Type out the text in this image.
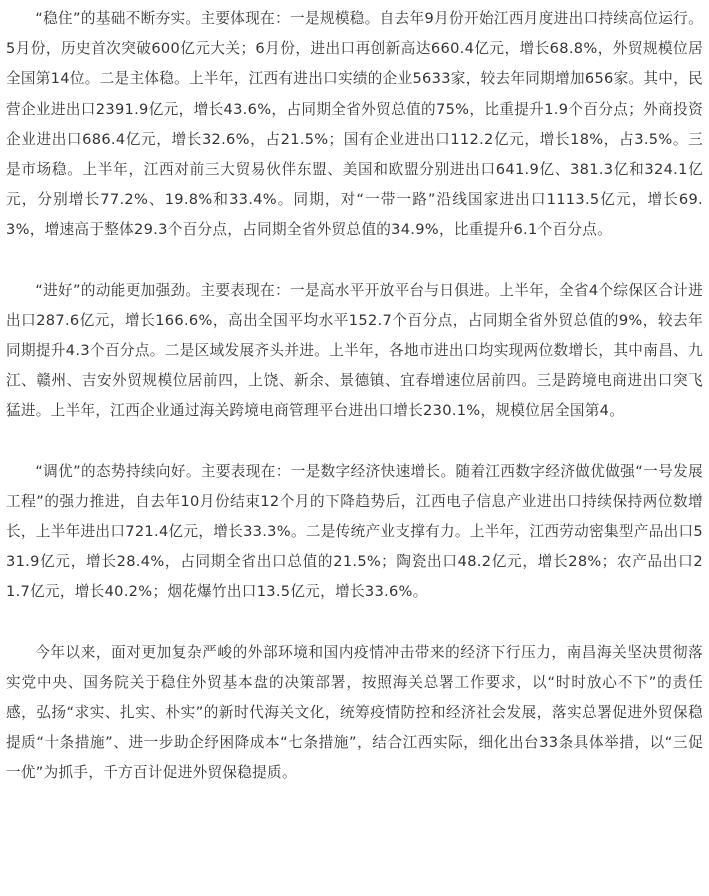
“稳住”的基础不断夯实。主要体现在：一是规模稳。自去年9月份开始江西月度进出口持续高位运行。5月份，历史首次突破600亿元大关；6月份，进出口再创新高达660.4亿元，增长68.8%，外贸规模位居全国第14位。二是主体稳。上半年，江西有进出口实绩的企业5633家，较去年同期增加656家。其中，民营企业进出口2391.9亿元，增长43.6%，占同期全省外贸总值的75%，比重提升1.9个百分点；外商投资企业进出口686.4亿元，增长32.6%，占21.5%；国有企业进出口112.2亿元，增长18%，占3.5%。三是市场稳。上半年，江西对前三大贸易伙伴东盟、美国和欧盟分别进出口641.9亿、381.3亿和324.1亿元，分别增长77.2%、19.8%和33.4%。同期，对“一带一路”沿线国家进出口1113.5亿元，增长69.3%，增速高于整体29.3个百分点，占同期全省外贸总值的34.9%，比重提升6.1个百分点。

“进好”的动能更加强劲。主要表现在：一是高水平开放平台与日俱进。上半年，全省4个综保区合计进出口287.6亿元，增长166.6%，高出全国平均水平152.7个百分点，占同期全省外贸总值的9%，较去年同期提升4.3个百分点。二是区域发展齐头并进。上半年，各地市进出口均实现两位数增长，其中南昌、九江、赣州、吉安外贸规模位居前四，上饶、新余、景德镇、宜春增速位居前四。三是跨境电商进出口突飞猛进。上半年，江西企业通过海关跨境电商管理平台进出口增长230.1%，规模位居全国第4。

“调优”的态势持续向好。主要表现在：一是数字经济快速增长。随着江西数字经济做优做强“一号发展工程”的强力推进，自去年10月份结束12个月的下降趋势后，江西电子信息产业进出口持续保持两位数增长，上半年进出口721.4亿元，增长33.3%。二是传统产业支撑有力。上半年，江西劳动密集型产品出口531.9亿元，增长28.4%，占同期全省出口总值的21.5%；陶瓷出口48.2亿元，增长28%；农产品出口21.7亿元，增长40.2%；烟花爆竹出口13.5亿元，增长33.6%。

今年以来，面对更加复杂严峻的外部环境和国内疫情冲击带来的经济下行压力，南昌海关坚决贯彻落实党中央、国务院关于稳住外贸基本盘的决策部署，按照海关总署工作要求，以“时时放心不下”的责任感，弘扬“求实、扎实、朴实”的新时代海关文化，统筹疫情防控和经济社会发展，落实总署促进外贸保稳提质“十条措施”、进一步助企纾困降成本“七条措施”，结合江西实际，细化出台33条具体举措，以“三促一优”为抓手，千方百计促进外贸保稳提质。
